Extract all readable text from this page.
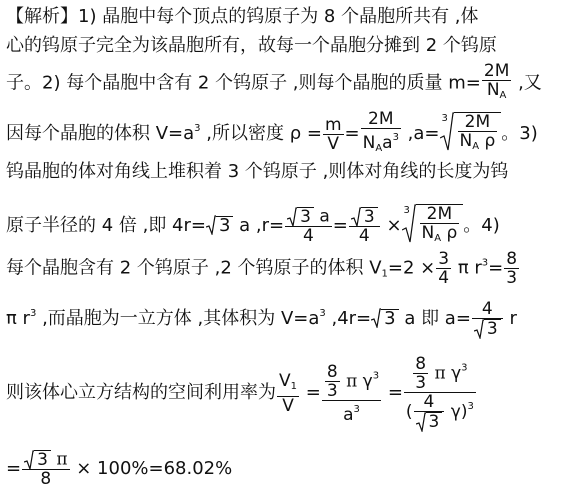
【解析】1) 晶胞中每个顶点的钨原子为 8 个晶胞所共有 ,体
心的钨原子完全为该晶胞所有，故每一个晶胞分摊到 2 个钨原
子。2) 每个晶胞中含有 2 个钨原子 ,则每个晶胞的质量 $m= \frac{2M}{N_A}$ ,又
因每个晶胞的体积 $V=a^3$ ,所以密度 $\rho = \frac{m}{V} = \frac{2M}{N_Aa^3} ,a=$
$3 \frac{2M}{N_A \rho}$ 。3)
钨晶胞的体对角线上堆积着 3 个钨原子 ,则体对角线的长度为钨
原子半径的 4 倍 ,即 4r= 3 a $,r= \frac{3 a}{4} = \frac{3}{4}$ ×
$3 \frac{2M}{N_A \rho}$ 。4)
每个晶胞含有 2 个钨原子 ,2 个钨原子的体积 $V_1=2 \times \frac{3}{4}$ π $r^3= \frac{8}{3}$
π $r^3$ ,而晶胞为一立方体 ,其体积为 $V=a^3$ ,4r= 3 a 即 $a= \frac{4}{3}$ r
则该体心立方结构的空间利用率为 $\frac{V_1}{V} = \frac{\frac{8}{3} \pi \gamma^3}{a^3} = \frac{\frac{8}{3} \pi \gamma^3}{( \frac{4}{3} \gamma)^3}$
= $\frac{3 \pi}{8} \times 100\%=68.02\%$
